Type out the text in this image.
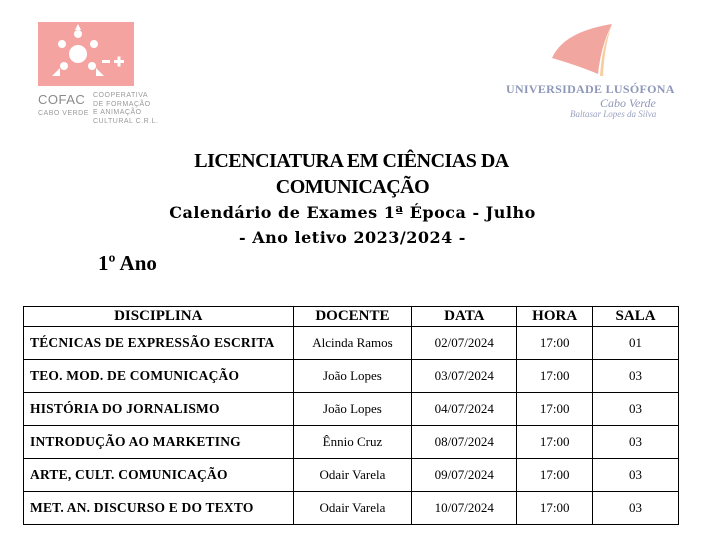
COFAC
CABO VERDE
COOPERATIVA
DE FORMAÇÃO
E ANIMAÇÃO
CULTURAL C.R.L.
UNIVERSIDADE LUSÓFONA
Cabo Verde
Baltasar Lopes da Silva
LICENCIATURA EM CIÊNCIAS DA
COMUNICAÇÃO
Calendário de Exames 1ª Época - Julho
- Ano letivo 2023/2024 -
1º Ano
DISCIPLINA	DOCENTE	DATA	HORA	SALA
TÉCNICAS DE EXPRESSÃO ESCRITA	Alcinda Ramos	02/07/2024	17:00	01
TEO. MOD. DE COMUNICAÇÃO	João Lopes	03/07/2024	17:00	03
HISTÓRIA DO JORNALISMO	João Lopes	04/07/2024	17:00	03
INTRODUÇÃO AO MARKETING	Ênnio Cruz	08/07/2024	17:00	03
ARTE, CULT. COMUNICAÇÃO	Odair Varela	09/07/2024	17:00	03
MET. AN. DISCURSO E DO TEXTO	Odair Varela	10/07/2024	17:00	03
